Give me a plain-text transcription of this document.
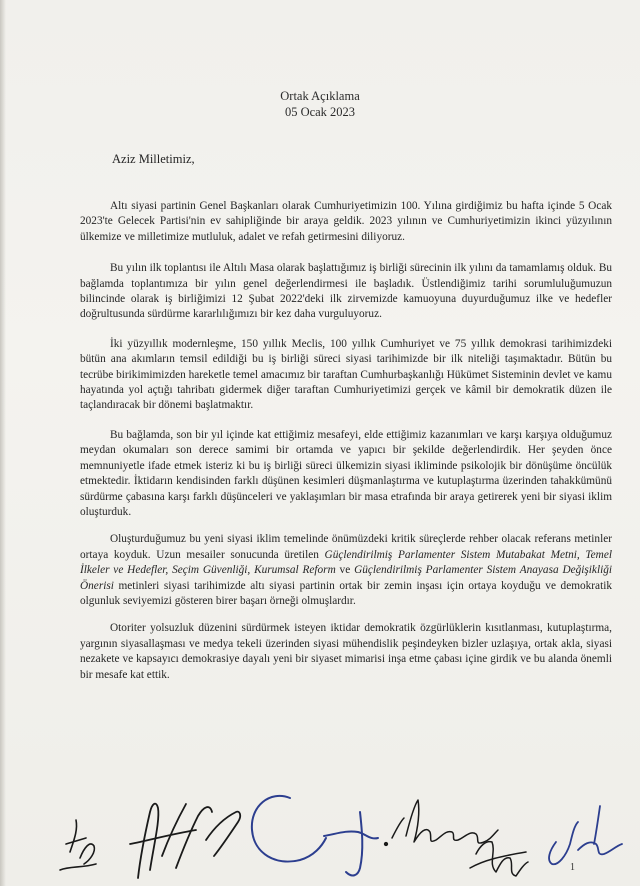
Ortak Açıklama
05 Ocak 2023
Aziz Milletimiz,

Altı siyasi partinin Genel Başkanları olarak Cumhuriyetimizin 100. Yılına girdiğimiz bu hafta içinde 5 Ocak 2023'te Gelecek Partisi'nin ev sahipliğinde bir araya geldik. 2023 yılının ve Cumhuriyetimizin ikinci yüzyılının ülkemize ve milletimize mutluluk, adalet ve refah getirmesini diliyoruz.

Bu yılın ilk toplantısı ile Altılı Masa olarak başlattığımız iş birliği sürecinin ilk yılını da tamamlamış olduk. Bu bağlamda toplantımıza bir yılın genel değerlendirmesi ile başladık. Üstlendiğimiz tarihi sorumluluğumuzun bilincinde olarak iş birliğimizi 12 Şubat 2022'deki ilk zirvemizde kamuoyuna duyurduğumuz ilke ve hedefler doğrultusunda sürdürme kararlılığımızı bir kez daha vurguluyoruz.

İki yüzyıllık modernleşme, 150 yıllık Meclis, 100 yıllık Cumhuriyet ve 75 yıllık demokrasi tarihimizdeki bütün ana akımların temsil edildiği bu iş birliği süreci siyasi tarihimizde bir ilk niteliği taşımaktadır. Bütün bu tecrübe birikimimizden hareketle temel amacımız bir taraftan Cumhurbaşkanlığı Hükümet Sisteminin devlet ve kamu hayatında yol açtığı tahribatı gidermek diğer taraftan Cumhuriyetimizi gerçek ve kâmil bir demokratik düzen ile taçlandıracak bir dönemi başlatmaktır.

Bu bağlamda, son bir yıl içinde kat ettiğimiz mesafeyi, elde ettiğimiz kazanımları ve karşı karşıya olduğumuz meydan okumaları son derece samimi bir ortamda ve yapıcı bir şekilde değerlendirdik. Her şeyden önce memnuniyetle ifade etmek isteriz ki bu iş birliği süreci ülkemizin siyasi ikliminde psikolojik bir dönüşüme öncülük etmektedir. İktidarın kendisinden farklı düşünen kesimleri düşmanlaştırma ve kutuplaştırma üzerinden tahakkümünü sürdürme çabasına karşı farklı düşünceleri ve yaklaşımları bir masa etrafında bir araya getirerek yeni bir siyasi iklim oluşturduk.

Oluşturduğumuz bu yeni siyasi iklim temelinde önümüzdeki kritik süreçlerde rehber olacak referans metinler ortaya koyduk. Uzun mesailer sonucunda üretilen Güçlendirilmiş Parlamenter Sistem Mutabakat Metni, Temel İlkeler ve Hedefler, Seçim Güvenliği, Kurumsal Reform ve Güçlendirilmiş Parlamenter Sistem Anayasa Değişikliği Önerisi metinleri siyasi tarihimizde altı siyasi partinin ortak bir zemin inşası için ortaya koyduğu ve demokratik olgunluk seviyemizi gösteren birer başarı örneği olmuşlardır.

Otoriter yolsuzluk düzenini sürdürmek isteyen iktidar demokratik özgürlüklerin kısıtlanması, kutuplaştırma, yargının siyasallaşması ve medya tekeli üzerinden siyasi mühendislik peşindeyken bizler uzlaşıya, ortak akla, siyasi nezakete ve kapsayıcı demokrasiye dayalı yeni bir siyaset mimarisi inşa etme çabası içine girdik ve bu alanda önemli bir mesafe kat ettik.

1
